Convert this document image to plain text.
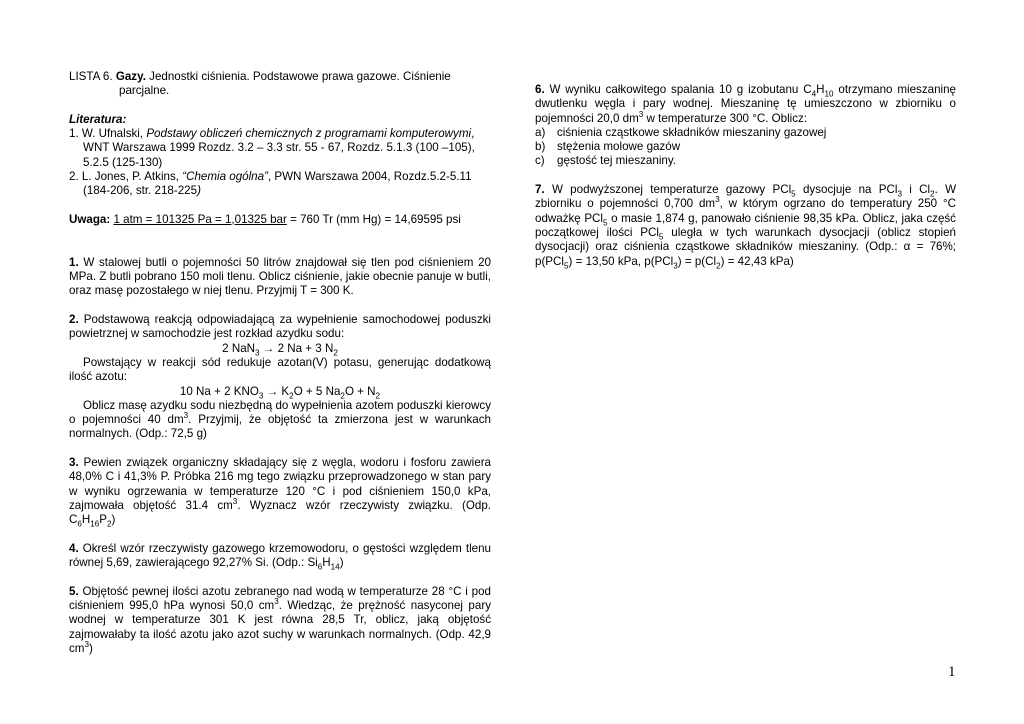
LISTA 6. Gazy. Jednostki ciśnienia. Podstawowe prawa gazowe. Ciśnienie parcjalne.

Literatura:

1. W. Ufnalski, Podstawy obliczeń chemicznych z programami komputerowymi, WNT Warszawa 1999 Rozdz. 3.2 – 3.3 str. 55 - 67, Rozdz. 5.1.3 (100 –105), 5.2.5 (125-130)

2. L. Jones, P. Atkins, “Chemia ogólna”, PWN Warszawa 2004, Rozdz.5.2-5.11 (184-206, str. 218-225)

Uwaga: 1 atm = 101325 Pa = 1,01325 bar = 760 Tr (mm Hg) = 14,69595 psi

1. W stalowej butli o pojemności 50 litrów znajdował się tlen pod ciśnieniem 20 MPa. Z butli pobrano 150 moli tlenu. Oblicz ciśnienie, jakie obecnie panuje w butli, oraz masę pozostałego w niej tlenu. Przyjmij T = 300 K.

2. Podstawową reakcją odpowiadającą za wypełnienie samochodowej poduszki powietrznej w samochodzie jest rozkład azydku sodu:

2 NaN$_3$ → 2 Na + 3 $N_2$

Powstający w reakcji sód redukuje azotan(V) potasu, generując dodatkową ilość azotu:

10 Na + 2 $KNO_3 \to K_2O + 5$ $Na_2O + N_2$

Oblicz masę azydku sodu niezbędną do wypełnienia azotem poduszki kierowcy o pojemności 40 $dm^3$. Przyjmij, że objętość ta zmierzona jest w warunkach normalnych. (Odp.: 72,5 g)

3. Pewien związek organiczny składający się z węgla, wodoru i fosforu zawiera 48,0% C i 41,3% P. Próbka 216 mg tego związku przeprowadzonego w stan pary w wyniku ogrzewania w temperaturze 120 °C i pod ciśnieniem 150,0 kPa, zajmowała objętość 31.4 $cm^3$. Wyznacz wzór rzeczywisty związku. (Odp. $C_6H_{16}P_2$)

4. Określ wzór rzeczywisty gazowego krzemowodoru, o gęstości względem tlenu równej 5,69, zawierającego 92,27% Si. (Odp.: $Si_6H_{14}$)

5. Objętość pewnej ilości azotu zebranego nad wodą w temperaturze 28 °C i pod ciśnieniem 995,0 hPa wynosi 50,0 $cm^3$. Wiedząc, że prężność nasyconej pary wodnej w temperaturze 301 K jest równa 28,5 Tr, oblicz, jaką objętość zajmowałaby ta ilość azotu jako azot suchy w warunkach normalnych. (Odp. 42,9 $cm^3$)

6. W wyniku całkowitego spalania 10 g izobutanu $C_4H_{10}$ otrzymano mieszaninę dwutlenku węgla i pary wodnej. Mieszaninę tę umieszczono w zbiorniku o pojemności 20,0 $dm^3$ w temperaturze 300 °C. Oblicz:

a) ciśnienia cząstkowe składników mieszaniny gazowej
b) stężenia molowe gazów
c) gęstość tej mieszaniny.

7. W podwyższonej temperaturze gazowy PCl$_5$ dysocjuje na PCl$_3$ i $Cl_2$. W zbiorniku o pojemności 0,700 $dm^3$, w którym ogrzano do temperatury 250 °C odważkę PCl$_5$ o masie 1,874 g, panowało ciśnienie 98,35 kPa. Oblicz, jaka część początkowej ilości PCl$_5$ uległa w tych warunkach dysocjacji (oblicz stopień dysocjacji) oraz ciśnienia cząstkowe składników mieszaniny. (Odp.: α = 76%; p(PCl$_5$) = 13,50 kPa, $p(PCl_3) = p(Cl_2) = 42,43$ kPa)

1
